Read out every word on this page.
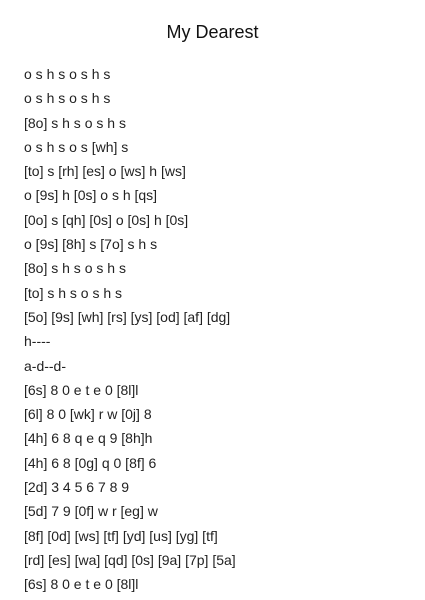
My Dearest
o s h s o s h s
o s h s o s h s
[8o] s h s o s h s
o s h s o s [wh] s
[to] s [rh] [es] o [ws] h [ws]
o [9s] h [0s] o s h [qs]
[0o] s [qh] [0s] o [0s] h [0s]
o [9s] [8h] s [7o] s h s
[8o] s h s o s h s
[to] s h s o s h s
[5o] [9s] [wh] [rs] [ys] [od] [af] [dg]
h----
a-d--d-
[6s] 8 0 e t e 0 [8l]l
[6l] 8 0 [wk] r w [0j] 8
[4h] 6 8 q e q 9 [8h]h
[4h] 6 8 [0g] q 0 [8f] 6
[2d] 3 4 5 6 7 8 9
[5d] 7 9 [0f] w r [eg] w
[8f] [0d] [ws] [tf] [yd] [us] [yg] [tf]
[rd] [es] [wa] [qd] [0s] [9a] [7p] [5a]
[6s] 8 0 e t e 0 [8l]l
